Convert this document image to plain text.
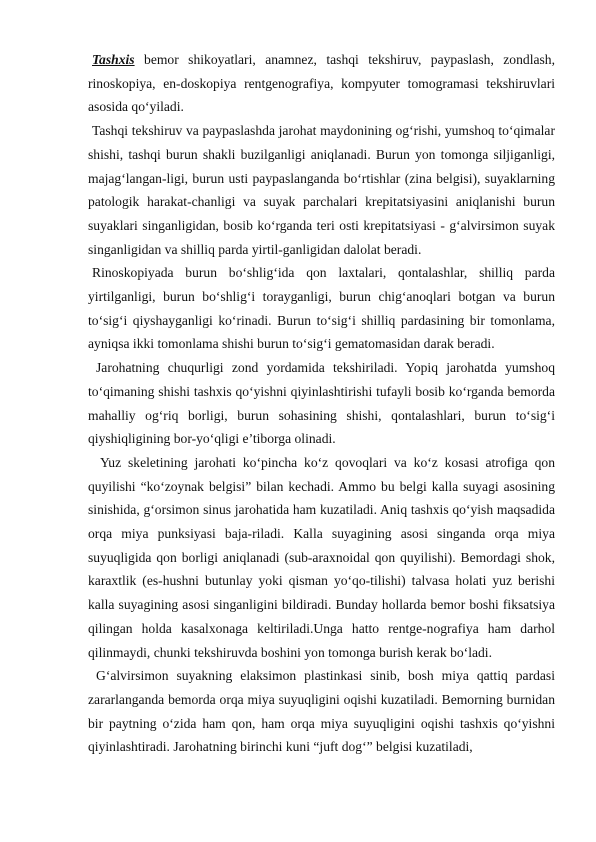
Tashxis bemor shikoyatlari, anamnez, tashqi tekshiruv, paypaslash, zondlash, rinoskopiya, en-doskopiya rentgenografiya, kompyuter tomogramasi tekshiruvlari asosida qo‘yiladi.

Tashqi tekshiruv va paypaslashda jarohat maydonining og‘rishi, yumshoq to‘qimalar shishi, tashqi burun shakli buzilganligi aniqlanadi. Burun yon tomonga siljiganligi, majag‘langan-ligi, burun usti paypaslanganda bo‘rtishlar (zina belgisi), suyaklarning patologik harakat-chanligi va suyak parchalari krepitatsiyasini aniqlanishi burun suyaklari singanligidan, bosib ko‘rganda teri osti krepitatsiyasi - g‘alvirsimon suyak singanligidan va shilliq parda yirtil-ganligidan dalolat beradi.

Rinoskopiyada burun bo‘shlig‘ida qon laxtalari, qontalashlar, shilliq parda yirtilganligi, burun bo‘shlig‘i torayganligi, burun chig‘anoqlari botgan va burun to‘sig‘i qiyshayganligi ko‘rinadi. Burun to‘sig‘i shilliq pardasining bir tomonlama, ayniqsa ikki tomonlama shishi burun to‘sig‘i gematomasidan darak beradi.

Jarohatning chuqurligi zond yordamida tekshiriladi. Yopiq jarohatda yumshoq to‘qimaning shishi tashxis qo‘yishni qiyinlashtirishi tufayli bosib ko‘rganda bemorda mahalliy og‘riq borligi, burun sohasining shishi, qontalashlari, burun to‘sig‘i qiyshiqligining bor-yo‘qligi e’tiborga olinadi.

Yuz skeletining jarohati ko‘pincha ko‘z qovoqlari va ko‘z kosasi atrofiga qon quyilishi “ko‘zoynak belgisi” bilan kechadi. Ammo bu belgi kalla suyagi asosining sinishida, g‘orsimon sinus jarohatida ham kuzatiladi. Aniq tashxis qo‘yish maqsadida orqa miya punksiyasi baja-riladi. Kalla suyagining asosi singanda orqa miya suyuqligida qon borligi aniqlanadi (sub-araxnoidal qon quyilishi). Bemordagi shok, karaxtlik (es-hushni butunlay yoki qisman yo‘qo-tilishi) talvasa holati yuz berishi kalla suyagining asosi singanligini bildiradi. Bunday hollarda bemor boshi fiksatsiya qilingan holda kasalxonaga keltiriladi.Unga hatto rentge-nografiya ham darhol qilinmaydi, chunki tekshiruvda boshini yon tomonga burish kerak bo‘ladi.

G‘alvirsimon suyakning elaksimon plastinkasi sinib, bosh miya qattiq pardasi zararlanganda bemorda orqa miya suyuqligini oqishi kuzatiladi. Bemorning burnidan bir paytning o‘zida ham qon, ham orqa miya suyuqligini oqishi tashxis qo‘yishni qiyinlashtiradi. Jarohatning birinchi kuni “juft dog‘” belgisi kuzatiladi,
